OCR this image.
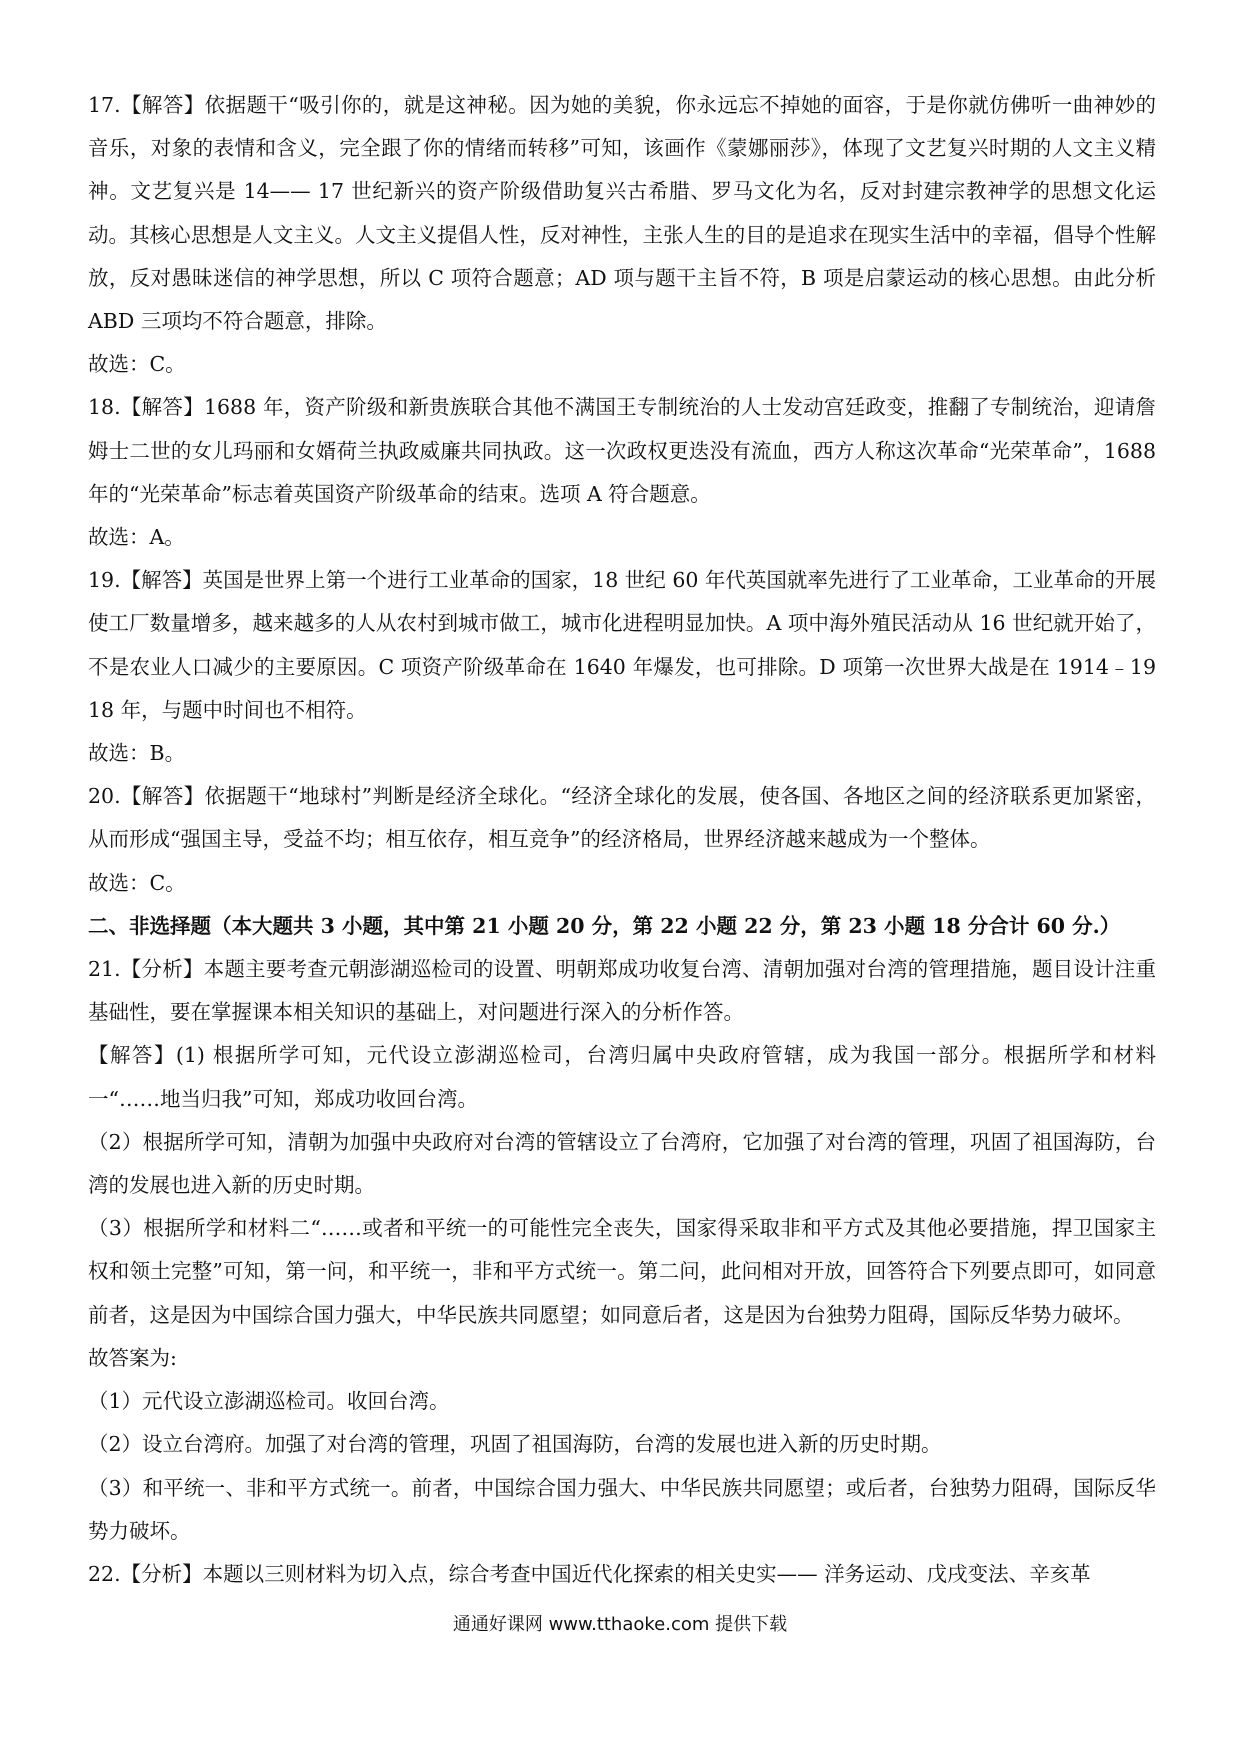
17.【解答】依据题干“吸引你的，就是这神秘。因为她的美貌，你永远忘不掉她的面容，于是你就仿佛听一曲神妙的音乐，对象的表情和含义，完全跟了你的情绪而转移”可知，该画作《蒙娜丽莎》，体现了文艺复兴时期的人文主义精神。文艺复兴是 14—— 17 世纪新兴的资产阶级借助复兴古希腊、罗马文化为名，反对封建宗教神学的思想文化运动。其核心思想是人文主义。人文主义提倡人性，反对神性，主张人生的目的是追求在现实生活中的幸福，倡导个性解放，反对愚昧迷信的神学思想，所以 C 项符合题意；AD 项与题干主旨不符，B 项是启蒙运动的核心思想。由此分析 ABD 三项均不符合题意，排除。

故选：C。

18.【解答】1688 年，资产阶级和新贵族联合其他不满国王专制统治的人士发动宫廷政变，推翻了专制统治，迎请詹姆士二世的女儿玛丽和女婿荷兰执政威廉共同执政。这一次政权更迭没有流血，西方人称这次革命“光荣革命”，1688 年的“光荣革命”标志着英国资产阶级革命的结束。选项 A 符合题意。

故选：A。

19.【解答】英国是世界上第一个进行工业革命的国家，18 世纪 60 年代英国就率先进行了工业革命，工业革命的开展使工厂数量增多，越来越多的人从农村到城市做工，城市化进程明显加快。A 项中海外殖民活动从 16 世纪就开始了，不是农业人口减少的主要原因。C 项资产阶级革命在 1640 年爆发，也可排除。D 项第一次世界大战是在 1914﹣1918 年，与题中时间也不相符。

故选：B。

20.【解答】依据题干“地球村”判断是经济全球化。“经济全球化的发展，使各国、各地区之间的经济联系更加紧密，从而形成“强国主导，受益不均；相互依存，相互竞争”的经济格局，世界经济越来越成为一个整体。

故选：C。

二、非选择题（本大题共 3 小题，其中第 21 小题 20 分，第 22 小题 22 分，第 23 小题 18 分合计 60 分.）

21.【分析】本题主要考查元朝澎湖巡检司的设置、明朝郑成功收复台湾、清朝加强对台湾的管理措施，题目设计注重基础性，要在掌握课本相关知识的基础上，对问题进行深入的分析作答。

【解答】(1) 根据所学可知，元代设立澎湖巡检司，台湾归属中央政府管辖，成为我国一部分。根据所学和材料一“……地当归我”可知，郑成功收回台湾。

（2）根据所学可知，清朝为加强中央政府对台湾的管辖设立了台湾府，它加强了对台湾的管理，巩固了祖国海防，台湾的发展也进入新的历史时期。

（3）根据所学和材料二“……或者和平统一的可能性完全丧失，国家得采取非和平方式及其他必要措施，捍卫国家主权和领土完整”可知，第一问，和平统一，非和平方式统一。第二问，此问相对开放，回答符合下列要点即可，如同意前者，这是因为中国综合国力强大，中华民族共同愿望；如同意后者，这是因为台独势力阻碍，国际反华势力破坏。

故答案为:

（1）元代设立澎湖巡检司。收回台湾。

（2）设立台湾府。加强了对台湾的管理，巩固了祖国海防，台湾的发展也进入新的历史时期。

（3）和平统一、非和平方式统一。前者，中国综合国力强大、中华民族共同愿望；或后者，台独势力阻碍，国际反华势力破坏。

22.【分析】本题以三则材料为切入点，综合考查中国近代化探索的相关史实—— 洋务运动、戊戌变法、辛亥革

通通好课网 www.tthaoke.com 提供下载
